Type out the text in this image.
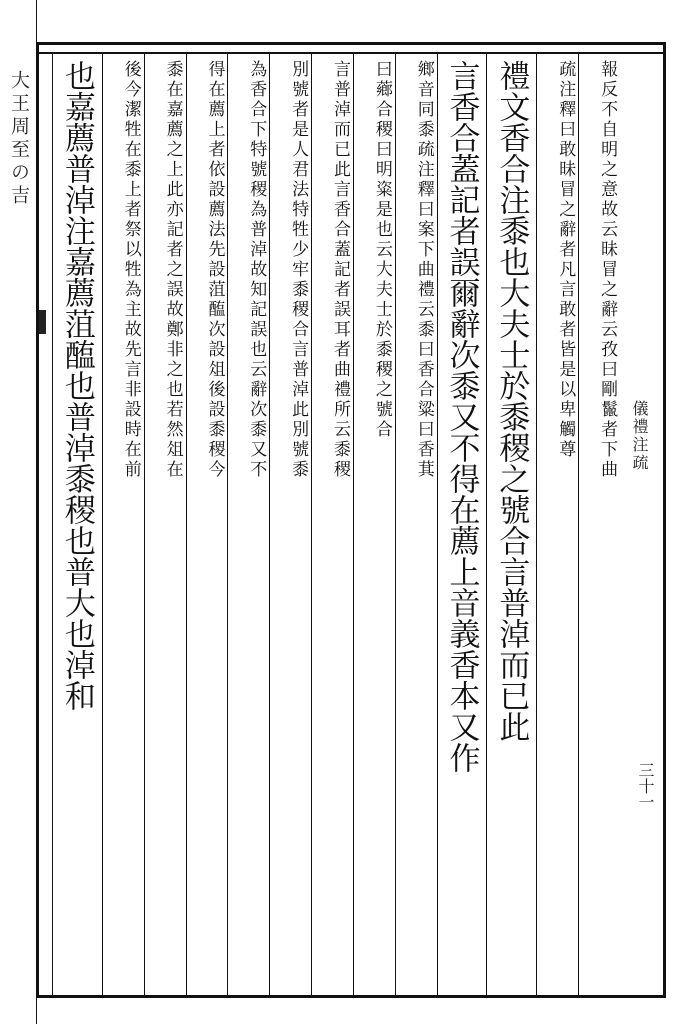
大王周至の吉
儀禮注疏
三十一
報反不自明之意故云昧冒之辭云孜曰剛鬣者下曲
疏注釋曰敢昧冒之辭者凡言敢者皆是以卑觸尊
禮文香合注黍也大夫士於黍稷之號合言普淖而已此
言香合蓋記者誤爾辭次黍又不得在薦上音義香本又作
鄉音同黍疏注釋曰案下曲禮云黍曰香合粱曰香萁
曰薌合稷曰明粢是也云大夫士於黍稷之號合
言普淖而已此言香合蓋記者誤耳者曲禮所云黍稷
別號者是人君法特牲少牢黍稷合言普淖此別號黍
為香合下特號稷為普淖故知記誤也云辭次黍又不
得在薦上者依設薦法先設菹醢次設俎後設黍稷今
黍在嘉薦之上此亦記者之誤故鄭非之也若然俎在
後今潔牲在黍上者祭以牲為主故先言非設時在前
也嘉薦普淖注嘉薦菹醢也普淖黍稷也普大也淖和
